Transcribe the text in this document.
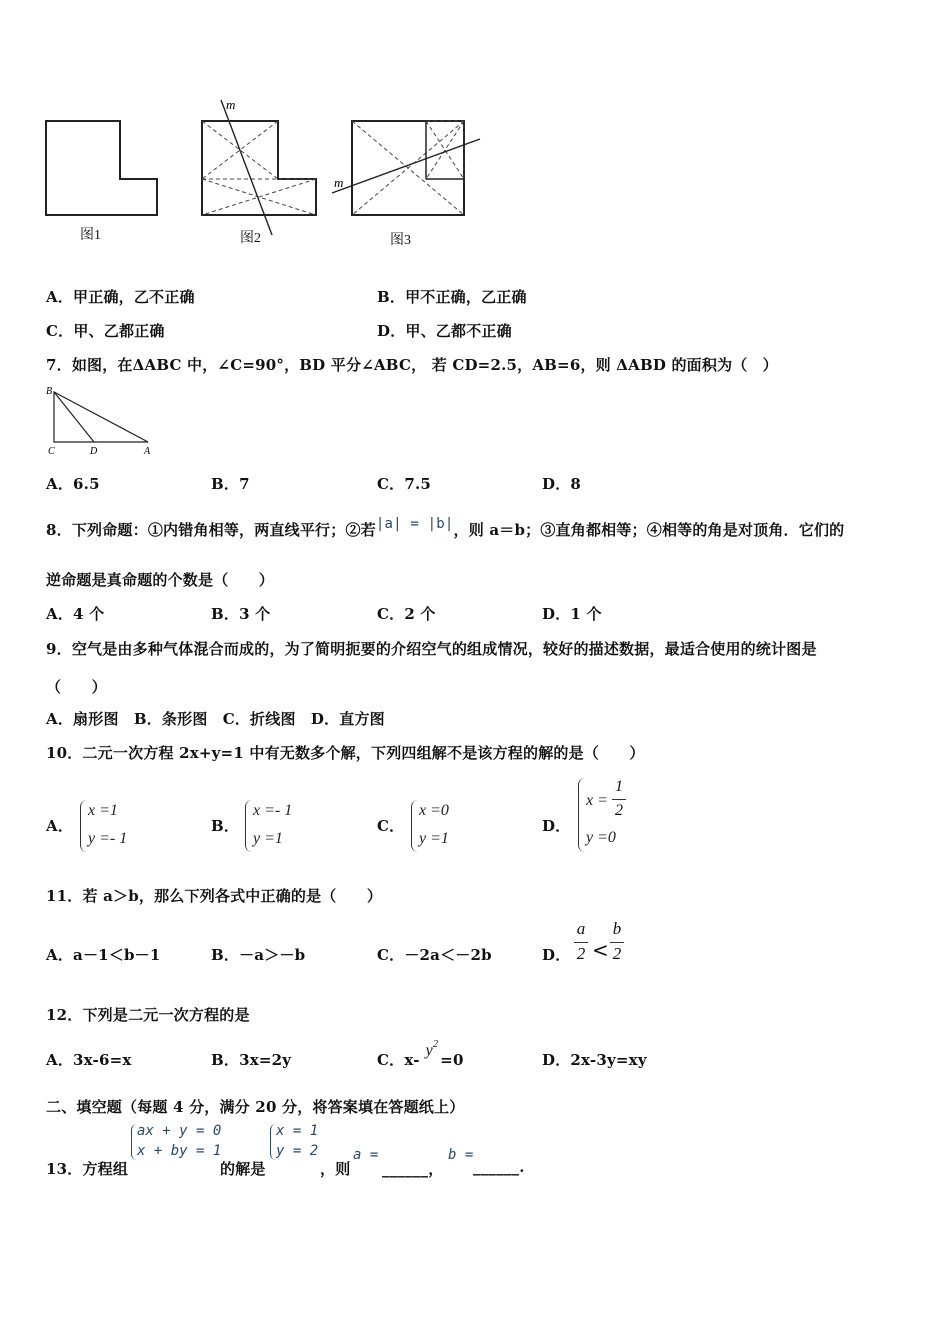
m
m
图1	图2	图3
A．甲正确，乙不正确	B．甲不正确，乙正确
C．甲、乙都正确	D．甲、乙都不正确
7．如图，在ΔABC 中，∠C=90°，BD 平分∠ABC， 若 CD=2.5，AB=6，则 ΔABD 的面积为（　）
B
C	D	A
A．6.5	B．7	C．7.5	D．8
8．下列命题：①内错角相等，两直线平行；②若|a| = |b|，则 a＝b；③直角都相等；④相等的角是对顶角．它们的
逆命题是真命题的个数是（　　）
A．4 个	B．3 个	C．2 个	D．1 个
9．空气是由多种气体混合而成的，为了简明扼要的介绍空气的组成情况，较好的描述数据，最适合使用的统计图是
（　　）
A．扇形图　B．条形图　C．折线图　D．直方图
10．二元一次方程 2x+y=1 中有无数多个解，下列四组解不是该方程的解的是（　　）
A．
x =1
y =- 1
B．
x =- 1
y =1
C．
x =0
y =1
D．
x =
1
2
y =0
11．若 a＞b，那么下列各式中正确的是（　　）
A．a－1＜b－1	B．－a＞－b	C．－2a＜－2b	D．
a
2 <
b
2
12．下列是二元一次方程的是
A．3x-6=x	B．3x=2y	C．$x-y^2=0$	D．2x-3y=xy
二、填空题（每题 4 分，满分 20 分，将答案填在答题纸上）
13．方程组
ax + y = 0
x + by = 1
的解是
x = 1
y = 2
，则
a =
______，
b =
______.
